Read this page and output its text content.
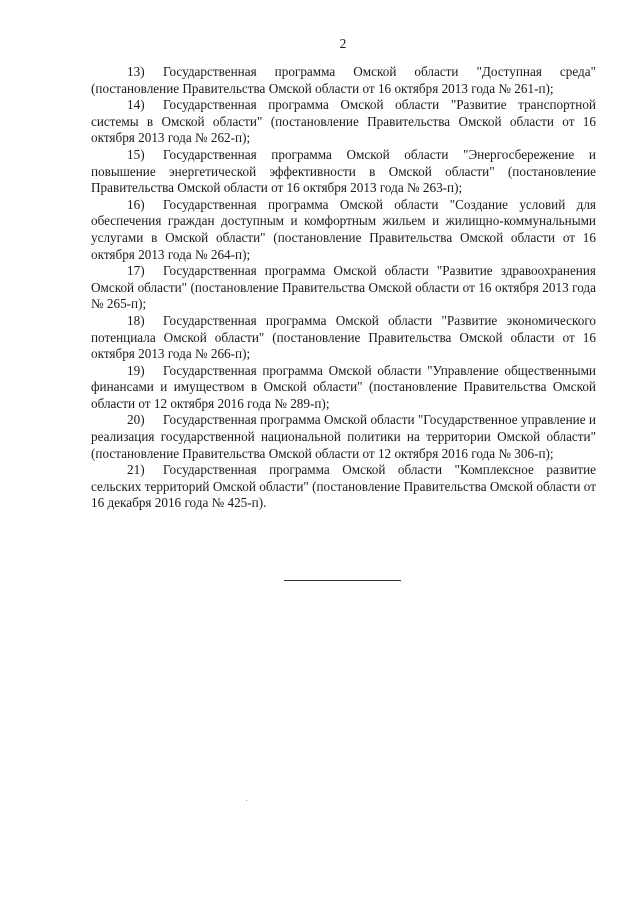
2

13) Государственная программа Омской области "Доступная среда" (постановление Правительства Омской области от 16 октября 2013 года № 261-п);

14) Государственная программа Омской области "Развитие транспортной системы в Омской области" (постановление Правительства Омской области от 16 октября 2013 года № 262-п);

15) Государственная программа Омской области "Энергосбережение и повышение энергетической эффективности в Омской области" (постановление Правительства Омской области от 16 октября 2013 года № 263-п);

16) Государственная программа Омской области "Создание условий для обеспечения граждан доступным и комфортным жильем и жилищно-коммунальными услугами в Омской области" (постановление Правительства Омской области от 16 октября 2013 года № 264-п);

17) Государственная программа Омской области "Развитие здравоохранения Омской области" (постановление Правительства Омской области от 16 октября 2013 года № 265-п);

18) Государственная программа Омской области "Развитие экономического потенциала Омской области" (постановление Правительства Омской области от 16 октября 2013 года № 266-п);

19) Государственная программа Омской области "Управление общественными финансами и имуществом в Омской области" (постановление Правительства Омской области от 12 октября 2016 года № 289-п);

20) Государственная программа Омской области "Государственное управление и реализация государственной национальной политики на территории Омской области" (постановление Правительства Омской области от 12 октября 2016 года № 306-п);

21) Государственная программа Омской области "Комплексное развитие сельских территорий Омской области" (постановление Правительства Омской области от 16 декабря 2016 года № 425-п).
